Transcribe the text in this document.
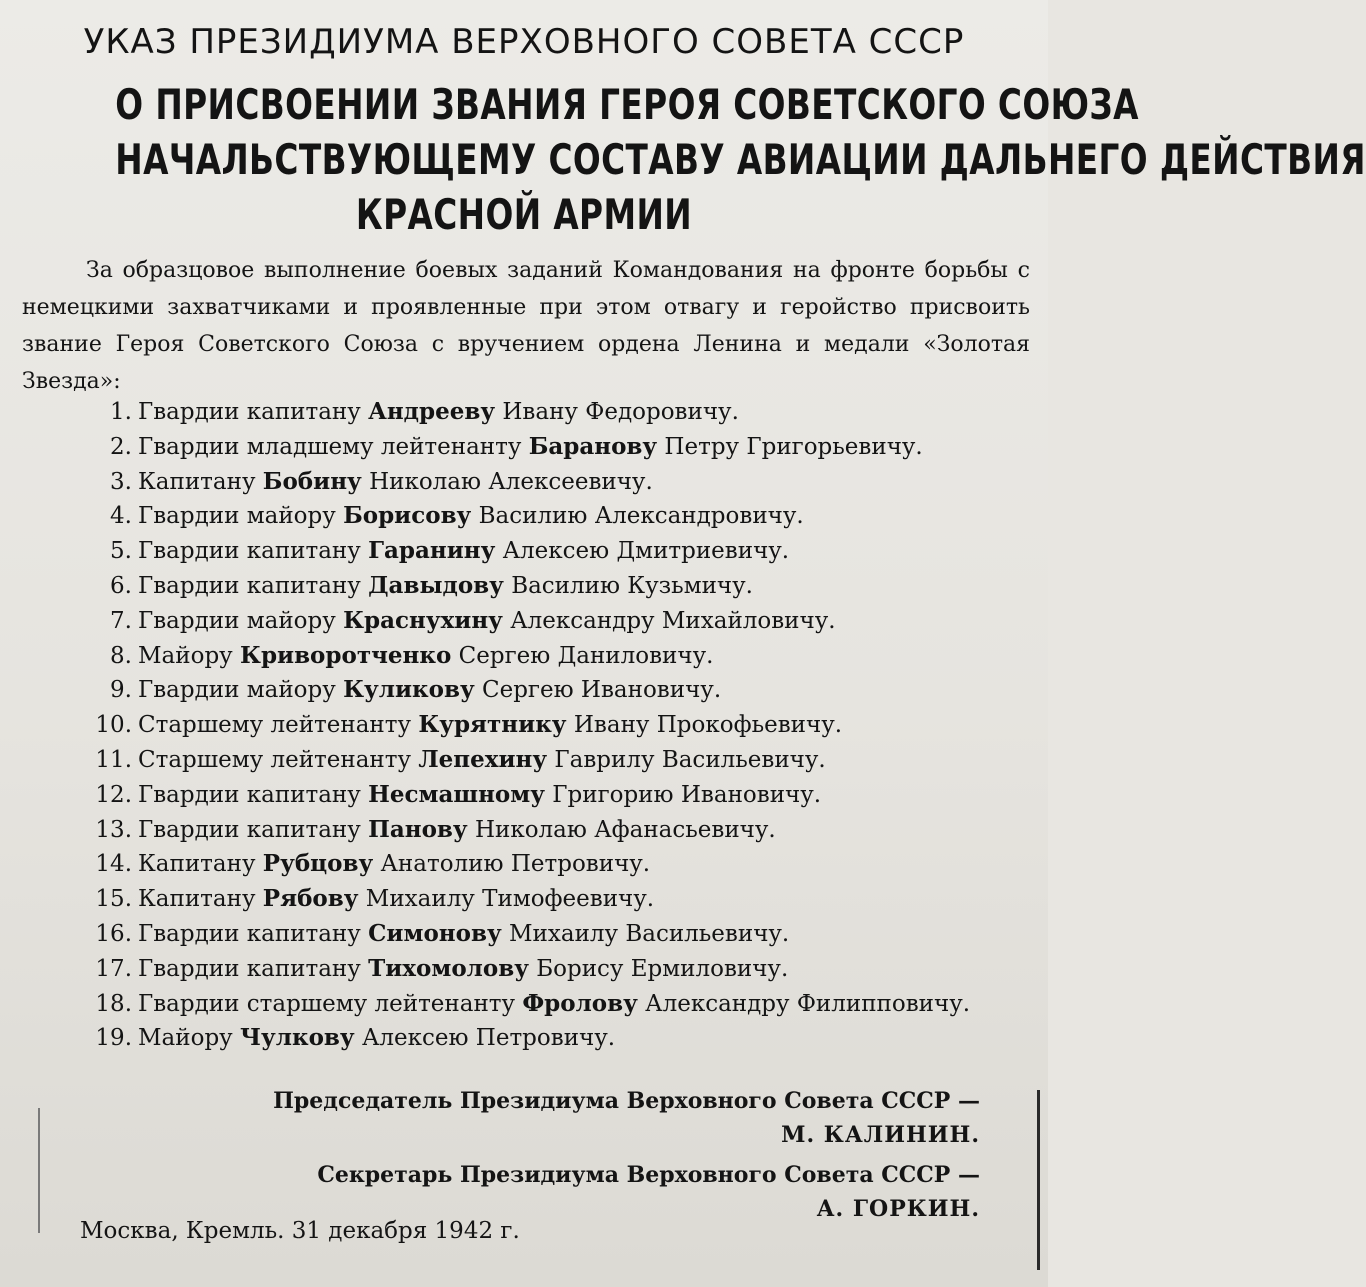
УКАЗ ПРЕЗИДИУМА ВЕРХОВНОГО СОВЕТА СССР
О ПРИСВОЕНИИ ЗВАНИЯ ГЕРОЯ СОВЕТСКОГО СОЮЗА
НАЧАЛЬСТВУЮЩЕМУ СОСТАВУ АВИАЦИИ ДАЛЬНЕГО ДЕЙСТВИЯ
КРАСНОЙ АРМИИ
За образцовое выполнение боевых заданий Командования на фронте борьбы с немецкими захватчиками и проявленные при этом отвагу и геройство присвоить звание Героя Советского Союза с вручением ордена Ленина и медали «Золотая Звезда»:
1. Гвардии капитану Андрееву Ивану Федоровичу.
2. Гвардии младшему лейтенанту Баранову Петру Григорьевичу.
3. Капитану Бобину Николаю Алексеевичу.
4. Гвардии майору Борисову Василию Александровичу.
5. Гвардии капитану Гаранину Алексею Дмитриевичу.
6. Гвардии капитану Давыдову Василию Кузьмичу.
7. Гвардии майору Краснухину Александру Михайловичу.
8. Майору Криворотченко Сергею Даниловичу.
9. Гвардии майору Куликову Сергею Ивановичу.
10. Старшему лейтенанту Курятнику Ивану Прокофьевичу.
11. Старшему лейтенанту Лепехину Гаврилу Васильевичу.
12. Гвардии капитану Несмашному Григорию Ивановичу.
13. Гвардии капитану Панову Николаю Афанасьевичу.
14. Капитану Рубцову Анатолию Петровичу.
15. Капитану Рябову Михаилу Тимофеевичу.
16. Гвардии капитану Симонову Михаилу Васильевичу.
17. Гвардии капитану Тихомолову Борису Ермиловичу.
18. Гвардии старшему лейтенанту Фролову Александру Филипповичу.
19. Майору Чулкову Алексею Петровичу.
Председатель Президиума Верховного Совета СССР —
М. КАЛИНИН.
Секретарь Президиума Верховного Совета СССР —
А. ГОРКИН.
Москва, Кремль. 31 декабря 1942 г.
